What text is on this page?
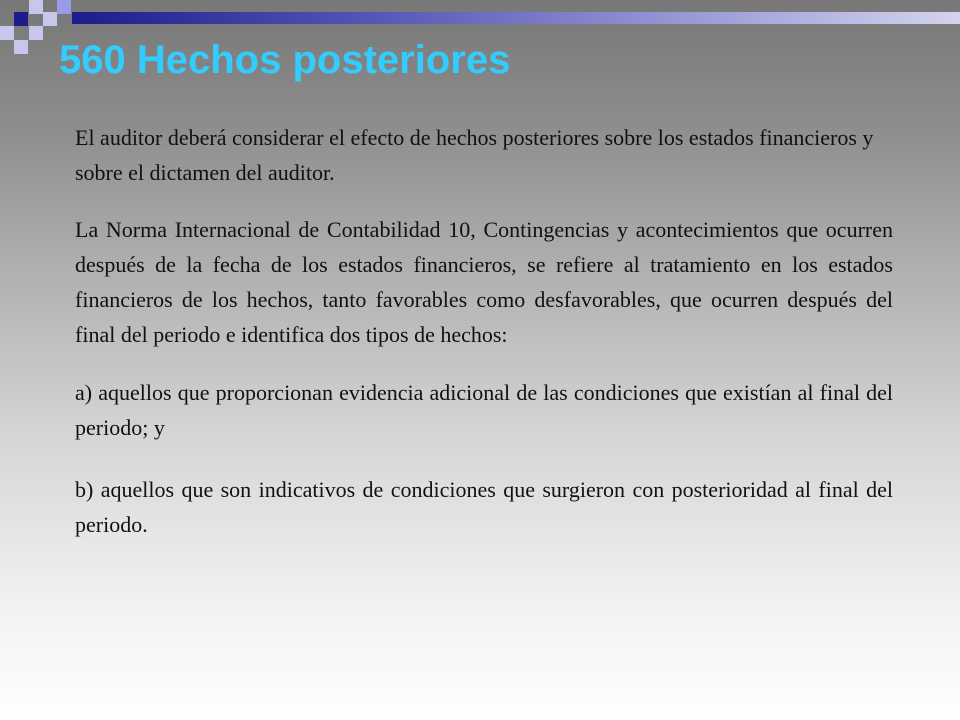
560 Hechos posteriores

El auditor deberá considerar el efecto de hechos posteriores sobre los estados financieros y sobre el dictamen del auditor.

La Norma Internacional de Contabilidad 10, Contingencias y acontecimientos que ocurren después de la fecha de los estados financieros, se refiere al tratamiento en los estados financieros de los hechos, tanto favorables como desfavorables, que ocurren después del final del periodo e identifica dos tipos de hechos:

a) aquellos que proporcionan evidencia adicional de las condiciones que existían al final del periodo; y

b) aquellos que son indicativos de condiciones que surgieron con posterioridad al final del periodo.
